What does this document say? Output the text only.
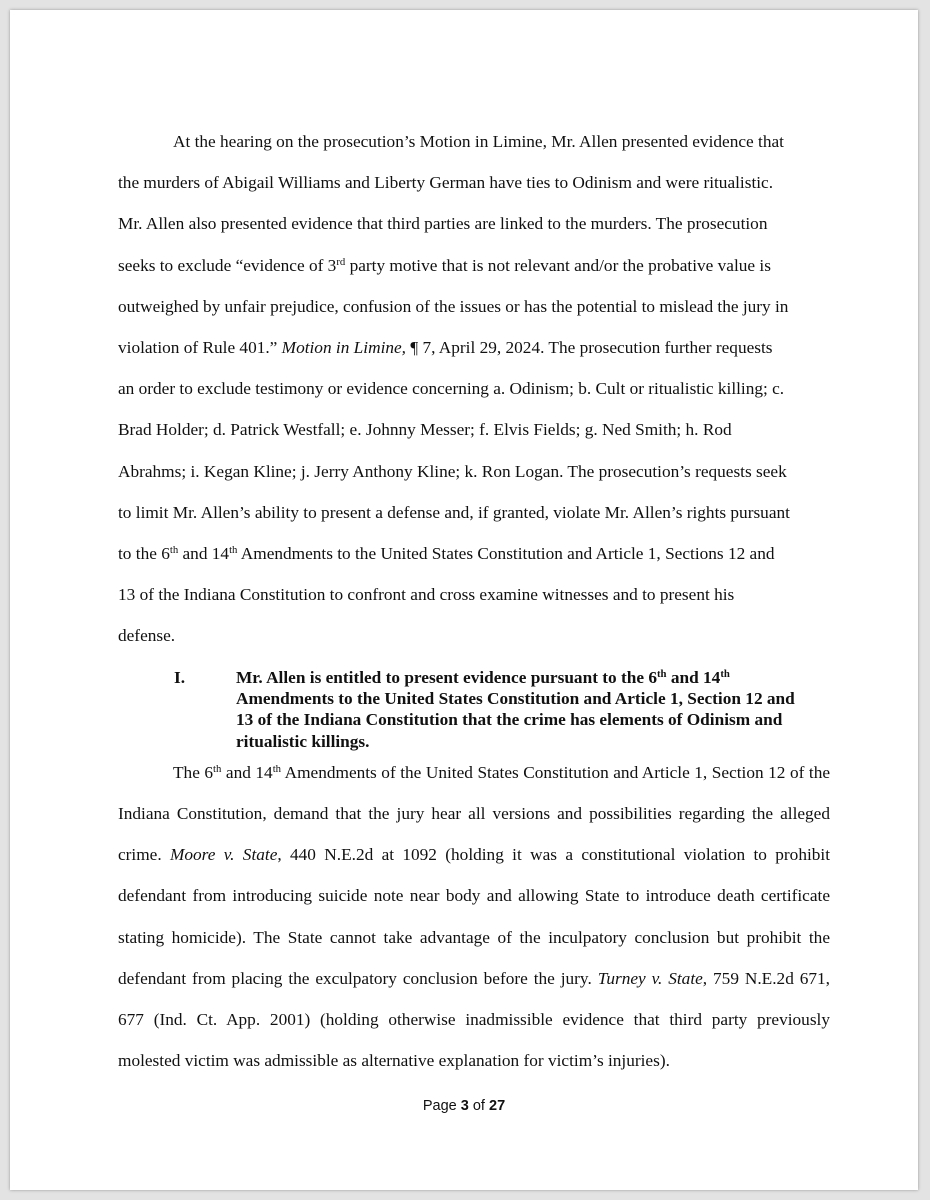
At the hearing on the prosecution’s Motion in Limine, Mr. Allen presented evidence that
the murders of Abigail Williams and Liberty German have ties to Odinism and were ritualistic.
Mr. Allen also presented evidence that third parties are linked to the murders. The prosecution
seeks to exclude “evidence of 3rd party motive that is not relevant and/or the probative value is
outweighed by unfair prejudice, confusion of the issues or has the potential to mislead the jury in
violation of Rule 401.” Motion in Limine, ¶ 7, April 29, 2024. The prosecution further requests
an order to exclude testimony or evidence concerning a. Odinism; b. Cult or ritualistic killing; c.
Brad Holder; d. Patrick Westfall; e. Johnny Messer; f. Elvis Fields; g. Ned Smith; h. Rod
Abrahms; i. Kegan Kline; j. Jerry Anthony Kline; k. Ron Logan. The prosecution’s requests seek
to limit Mr. Allen’s ability to present a defense and, if granted, violate Mr. Allen’s rights pursuant
to the 6th and 14th Amendments to the United States Constitution and Article 1, Sections 12 and
13 of the Indiana Constitution to confront and cross examine witnesses and to present his
defense.

I.	Mr. Allen is entitled to present evidence pursuant to the 6th and 14th Amendments to the United States Constitution and Article 1, Section 12 and 13 of the Indiana Constitution that the crime has elements of Odinism and ritualistic killings.

The 6th and 14th Amendments of the United States Constitution and Article 1, Section 12 of the Indiana Constitution, demand that the jury hear all versions and possibilities regarding the alleged crime. Moore v. State, 440 N.E.2d at 1092 (holding it was a constitutional violation to prohibit defendant from introducing suicide note near body and allowing State to introduce death certificate stating homicide). The State cannot take advantage of the inculpatory conclusion but prohibit the defendant from placing the exculpatory conclusion before the jury. Turney v. State, 759 N.E.2d 671, 677 (Ind. Ct. App. 2001) (holding otherwise inadmissible evidence that third party previously molested victim was admissible as alternative explanation for victim’s injuries).

Page 3 of 27
